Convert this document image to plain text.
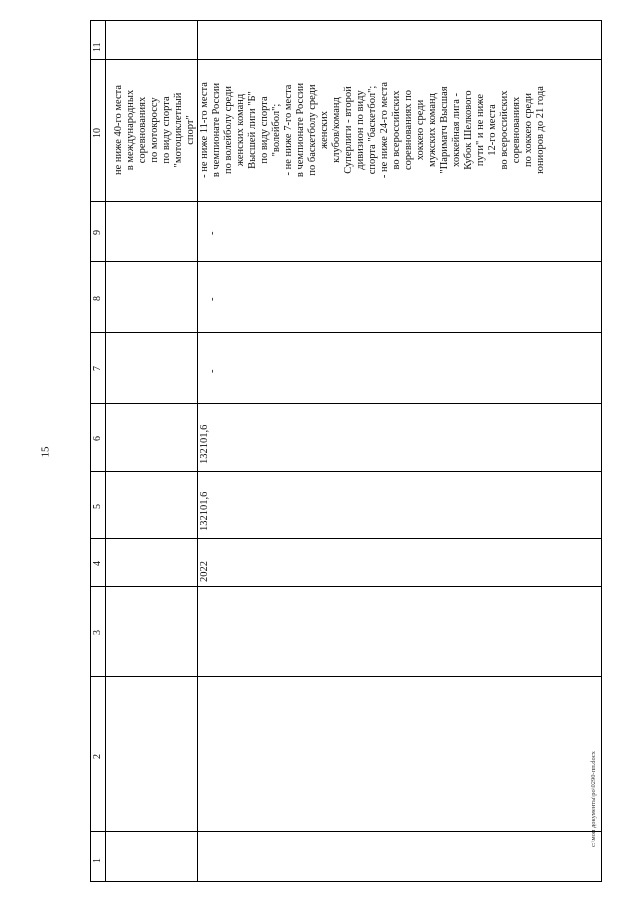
15
1
2
3
4
5
6
7
8
9
10
11
не ниже 40-го места в международных соревнованиях по мотокроссу по виду спорта "мотоциклетный спорт"
2022
132101,6
132101,6
-
-
-
- не ниже 11-го места в чемпионате России по волейболу среди женских команд Высшей лиги "Б" по виду спорта "волейбол"; - не ниже 7-го места в чемпионате России по баскетболу среди женских клубов/команд Суперлиги - второй дивизион по виду спорта "баскетбол"; - не ниже 24-го места во всероссийских соревнованиях по хоккею среди мужских команд "Париматч Высшая хоккейная лига - Кубок Шелкового пути" и не ниже 12-го места во всероссийских соревнованиях по хоккею среди юниоров до 21 года
c:\мои документы\ро\0290-пп.docx
